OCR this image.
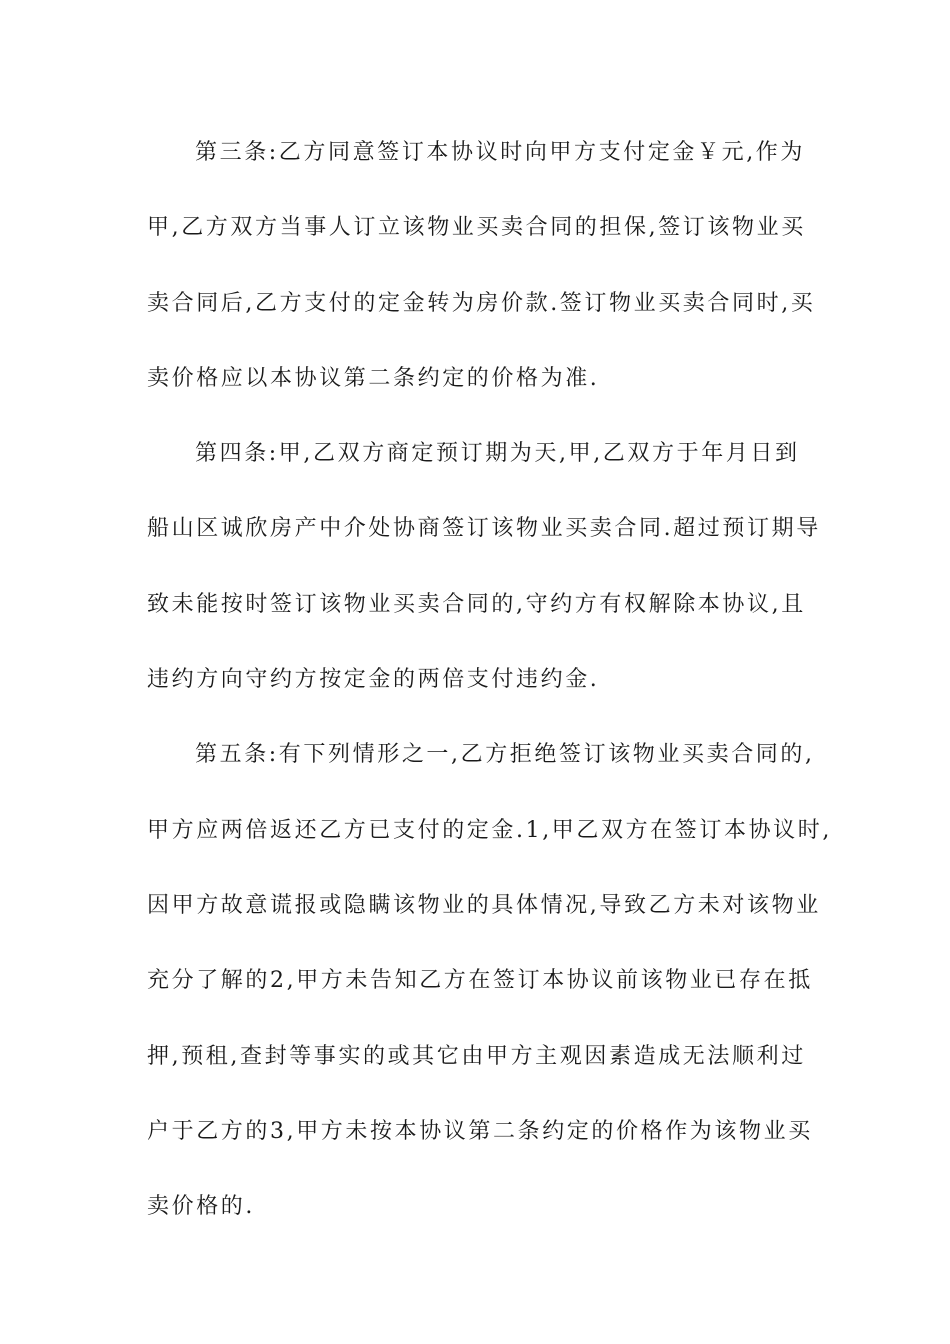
第三条:乙方同意签订本协议时向甲方支付定金￥元,作为
甲,乙方双方当事人订立该物业买卖合同的担保,签订该物业买
卖合同后,乙方支付的定金转为房价款.签订物业买卖合同时,买
卖价格应以本协议第二条约定的价格为准.
第四条:甲,乙双方商定预订期为天,甲,乙双方于年月日到
船山区诚欣房产中介处协商签订该物业买卖合同.超过预订期导
致未能按时签订该物业买卖合同的,守约方有权解除本协议,且
违约方向守约方按定金的两倍支付违约金.
第五条:有下列情形之一,乙方拒绝签订该物业买卖合同的,
甲方应两倍返还乙方已支付的定金.1,甲乙双方在签订本协议时,
因甲方故意谎报或隐瞒该物业的具体情况,导致乙方未对该物业
充分了解的2,甲方未告知乙方在签订本协议前该物业已存在抵
押,预租,查封等事实的或其它由甲方主观因素造成无法顺利过
户于乙方的3,甲方未按本协议第二条约定的价格作为该物业买
卖价格的.
